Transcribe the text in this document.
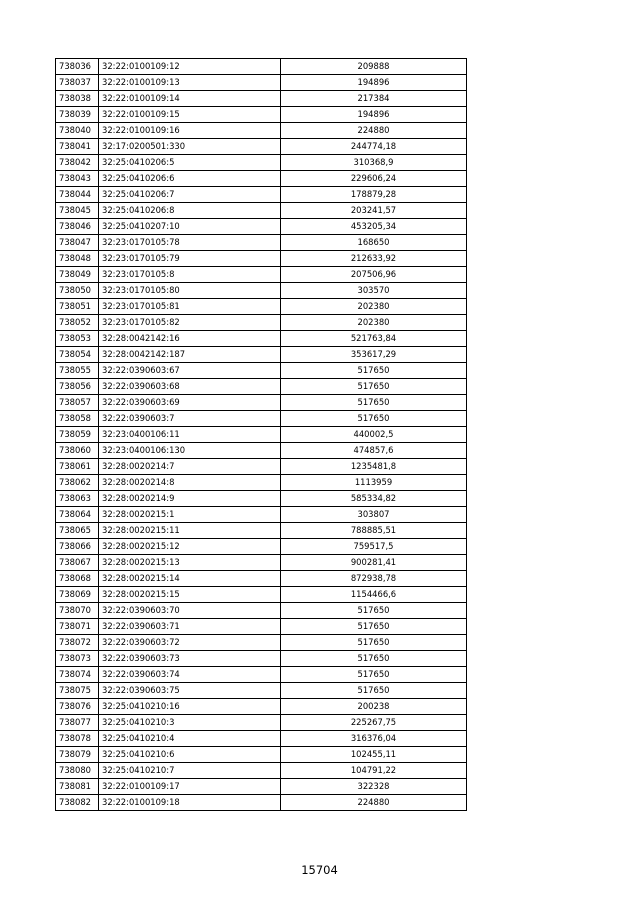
738036	32:22:0100109:12	209888
738037	32:22:0100109:13	194896
738038	32:22:0100109:14	217384
738039	32:22:0100109:15	194896
738040	32:22:0100109:16	224880
738041	32:17:0200501:330	244774,18
738042	32:25:0410206:5	310368,9
738043	32:25:0410206:6	229606,24
738044	32:25:0410206:7	178879,28
738045	32:25:0410206:8	203241,57
738046	32:25:0410207:10	453205,34
738047	32:23:0170105:78	168650
738048	32:23:0170105:79	212633,92
738049	32:23:0170105:8	207506,96
738050	32:23:0170105:80	303570
738051	32:23:0170105:81	202380
738052	32:23:0170105:82	202380
738053	32:28:0042142:16	521763,84
738054	32:28:0042142:187	353617,29
738055	32:22:0390603:67	517650
738056	32:22:0390603:68	517650
738057	32:22:0390603:69	517650
738058	32:22:0390603:7	517650
738059	32:23:0400106:11	440002,5
738060	32:23:0400106:130	474857,6
738061	32:28:0020214:7	1235481,8
738062	32:28:0020214:8	1113959
738063	32:28:0020214:9	585334,82
738064	32:28:0020215:1	303807
738065	32:28:0020215:11	788885,51
738066	32:28:0020215:12	759517,5
738067	32:28:0020215:13	900281,41
738068	32:28:0020215:14	872938,78
738069	32:28:0020215:15	1154466,6
738070	32:22:0390603:70	517650
738071	32:22:0390603:71	517650
738072	32:22:0390603:72	517650
738073	32:22:0390603:73	517650
738074	32:22:0390603:74	517650
738075	32:22:0390603:75	517650
738076	32:25:0410210:16	200238
738077	32:25:0410210:3	225267,75
738078	32:25:0410210:4	316376,04
738079	32:25:0410210:6	102455,11
738080	32:25:0410210:7	104791,22
738081	32:22:0100109:17	322328
738082	32:22:0100109:18	224880
15704
